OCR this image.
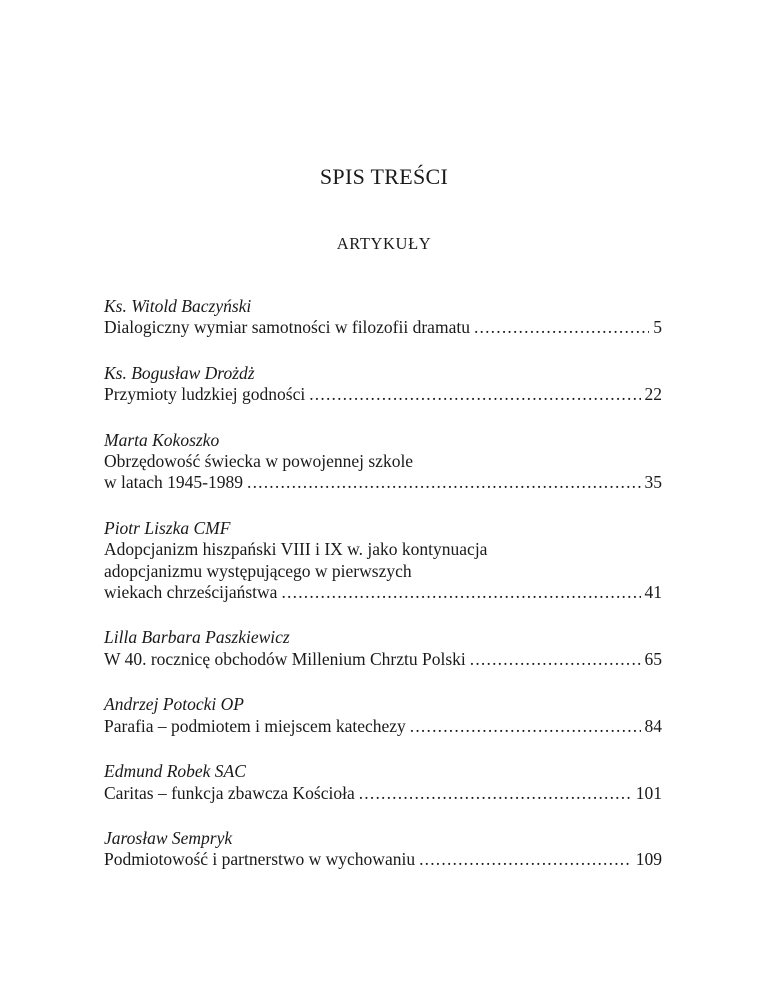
SPIS TREŚCI
ARTYKUŁY
Ks. Witold Baczyński
Dialogiczny wymiar samotności w filozofii dramatu .....	5
Ks. Bogusław Drożdż
Przymioty ludzkiej godności .....	22
Marta Kokoszko
Obrzędowość świecka w powojennej szkole
w latach 1945-1989 .....	35
Piotr Liszka CMF
Adopcjanizm hiszpański VIII i IX w. jako kontynuacja
adopcjanizmu występującego w pierwszych
wiekach chrześcijaństwa .....	41
Lilla Barbara Paszkiewicz
W 40. rocznicę obchodów Millenium Chrztu Polski .....	65
Andrzej Potocki OP
Parafia – podmiotem i miejscem katechezy .....	84
Edmund Robek SAC
Caritas – funkcja zbawcza Kościoła .....	101
Jarosław Sempryk
Podmiotowość i partnerstwo w wychowaniu .....	109
